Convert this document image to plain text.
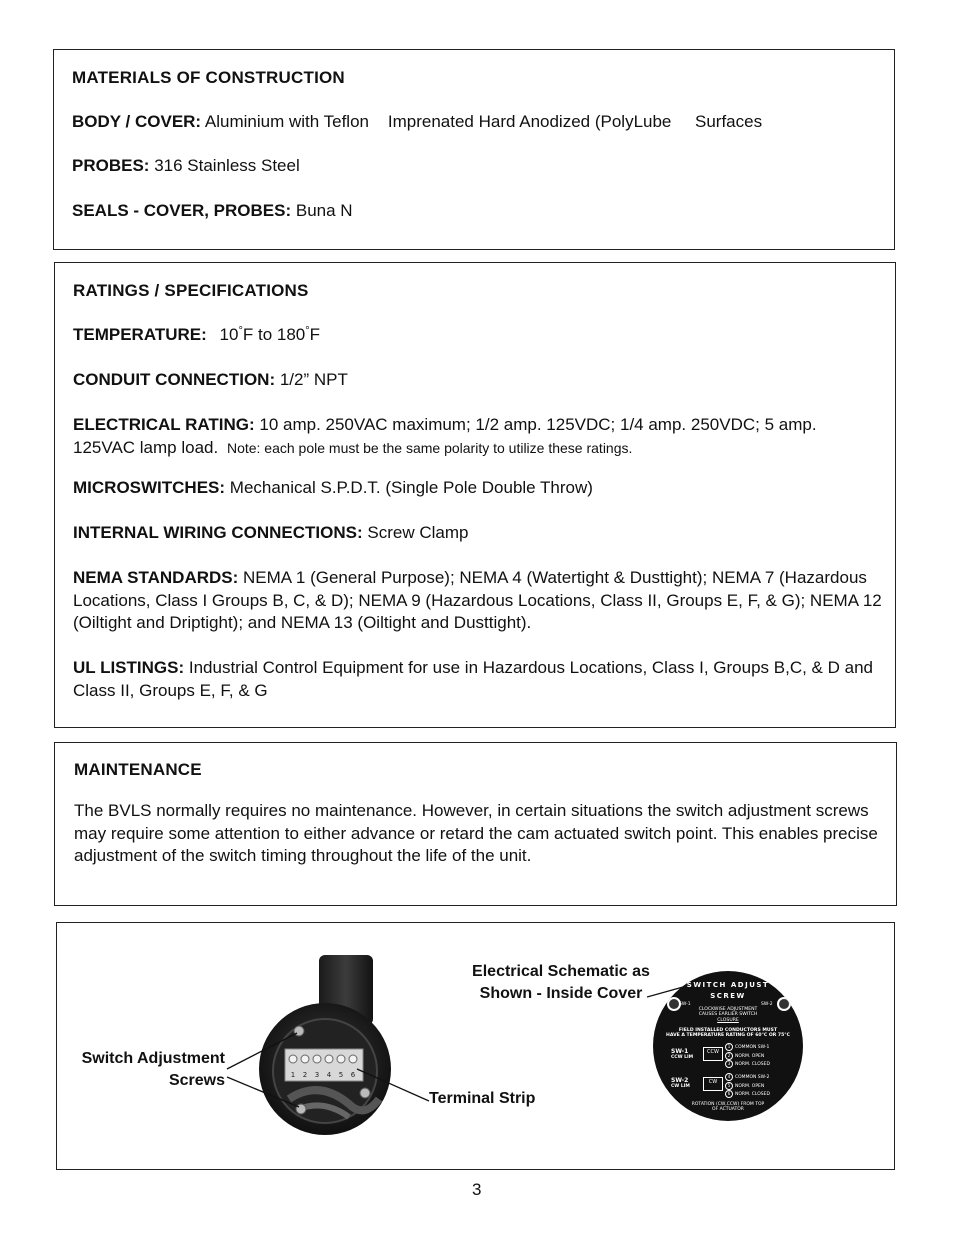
MATERIALS OF CONSTRUCTION
BODY / COVER: Aluminium with Teflon    Imprenated Hard Anodized (PolyLube     Surfaces
PROBES: 316 Stainless Steel
SEALS - COVER, PROBES: Buna N
RATINGS / SPECIFICATIONS
TEMPERATURE: 10°F to 180°F
CONDUIT CONNECTION: 1/2” NPT
ELECTRICAL RATING: 10 amp. 250VAC maximum; 1/2 amp. 125VDC; 1/4 amp. 250VDC; 5 amp. 125VAC lamp load. Note: each pole must be the same polarity to utilize these ratings.
MICROSWITCHES: Mechanical S.P.D.T. (Single Pole Double Throw)
INTERNAL WIRING CONNECTIONS: Screw Clamp
NEMA STANDARDS: NEMA 1 (General Purpose); NEMA 4 (Watertight & Dusttight); NEMA 7 (Hazardous Locations, Class I Groups B, C, & D); NEMA 9 (Hazardous Locations, Class II, Groups E, F, & G); NEMA 12 (Oiltight and Driptight); and NEMA 13 (Oiltight and Dusttight).
UL LISTINGS: Industrial Control Equipment for use in Hazardous Locations, Class I, Groups B,C, & D and Class II, Groups E, F, & G
MAINTENANCE
The BVLS normally requires no maintenance. However, in certain situations the switch adjustment screws may require some attention to either advance or retard the cam actuated switch point. This enables precise adjustment of the switch timing throughout the life of the unit.
Switch Adjustment
Screws
Terminal Strip
Electrical Schematic as
Shown - Inside Cover
1 2 3 4 5 6
SWITCH ADJUST
SCREW
SW-1	SW-2
CLOCKWISE ADJUSTMENT
CAUSES EARLIER SWITCH
CLOSURE
FIELD INSTALLED CONDUCTORS MUST
HAVE A TEMPERATURE RATING OF 60°C OR 75°C
SW-1
CCW LIM
SW-2
CW LIM
CCW
CW
1 COMMON SW-1
2 NORM. OPEN
3 NORM. CLOSED
4 COMMON SW-2
5 NORM. OPEN
6 NORM. CLOSED
ROTATION (CW,CCW) FROM TOP
OF ACTUATOR
3
